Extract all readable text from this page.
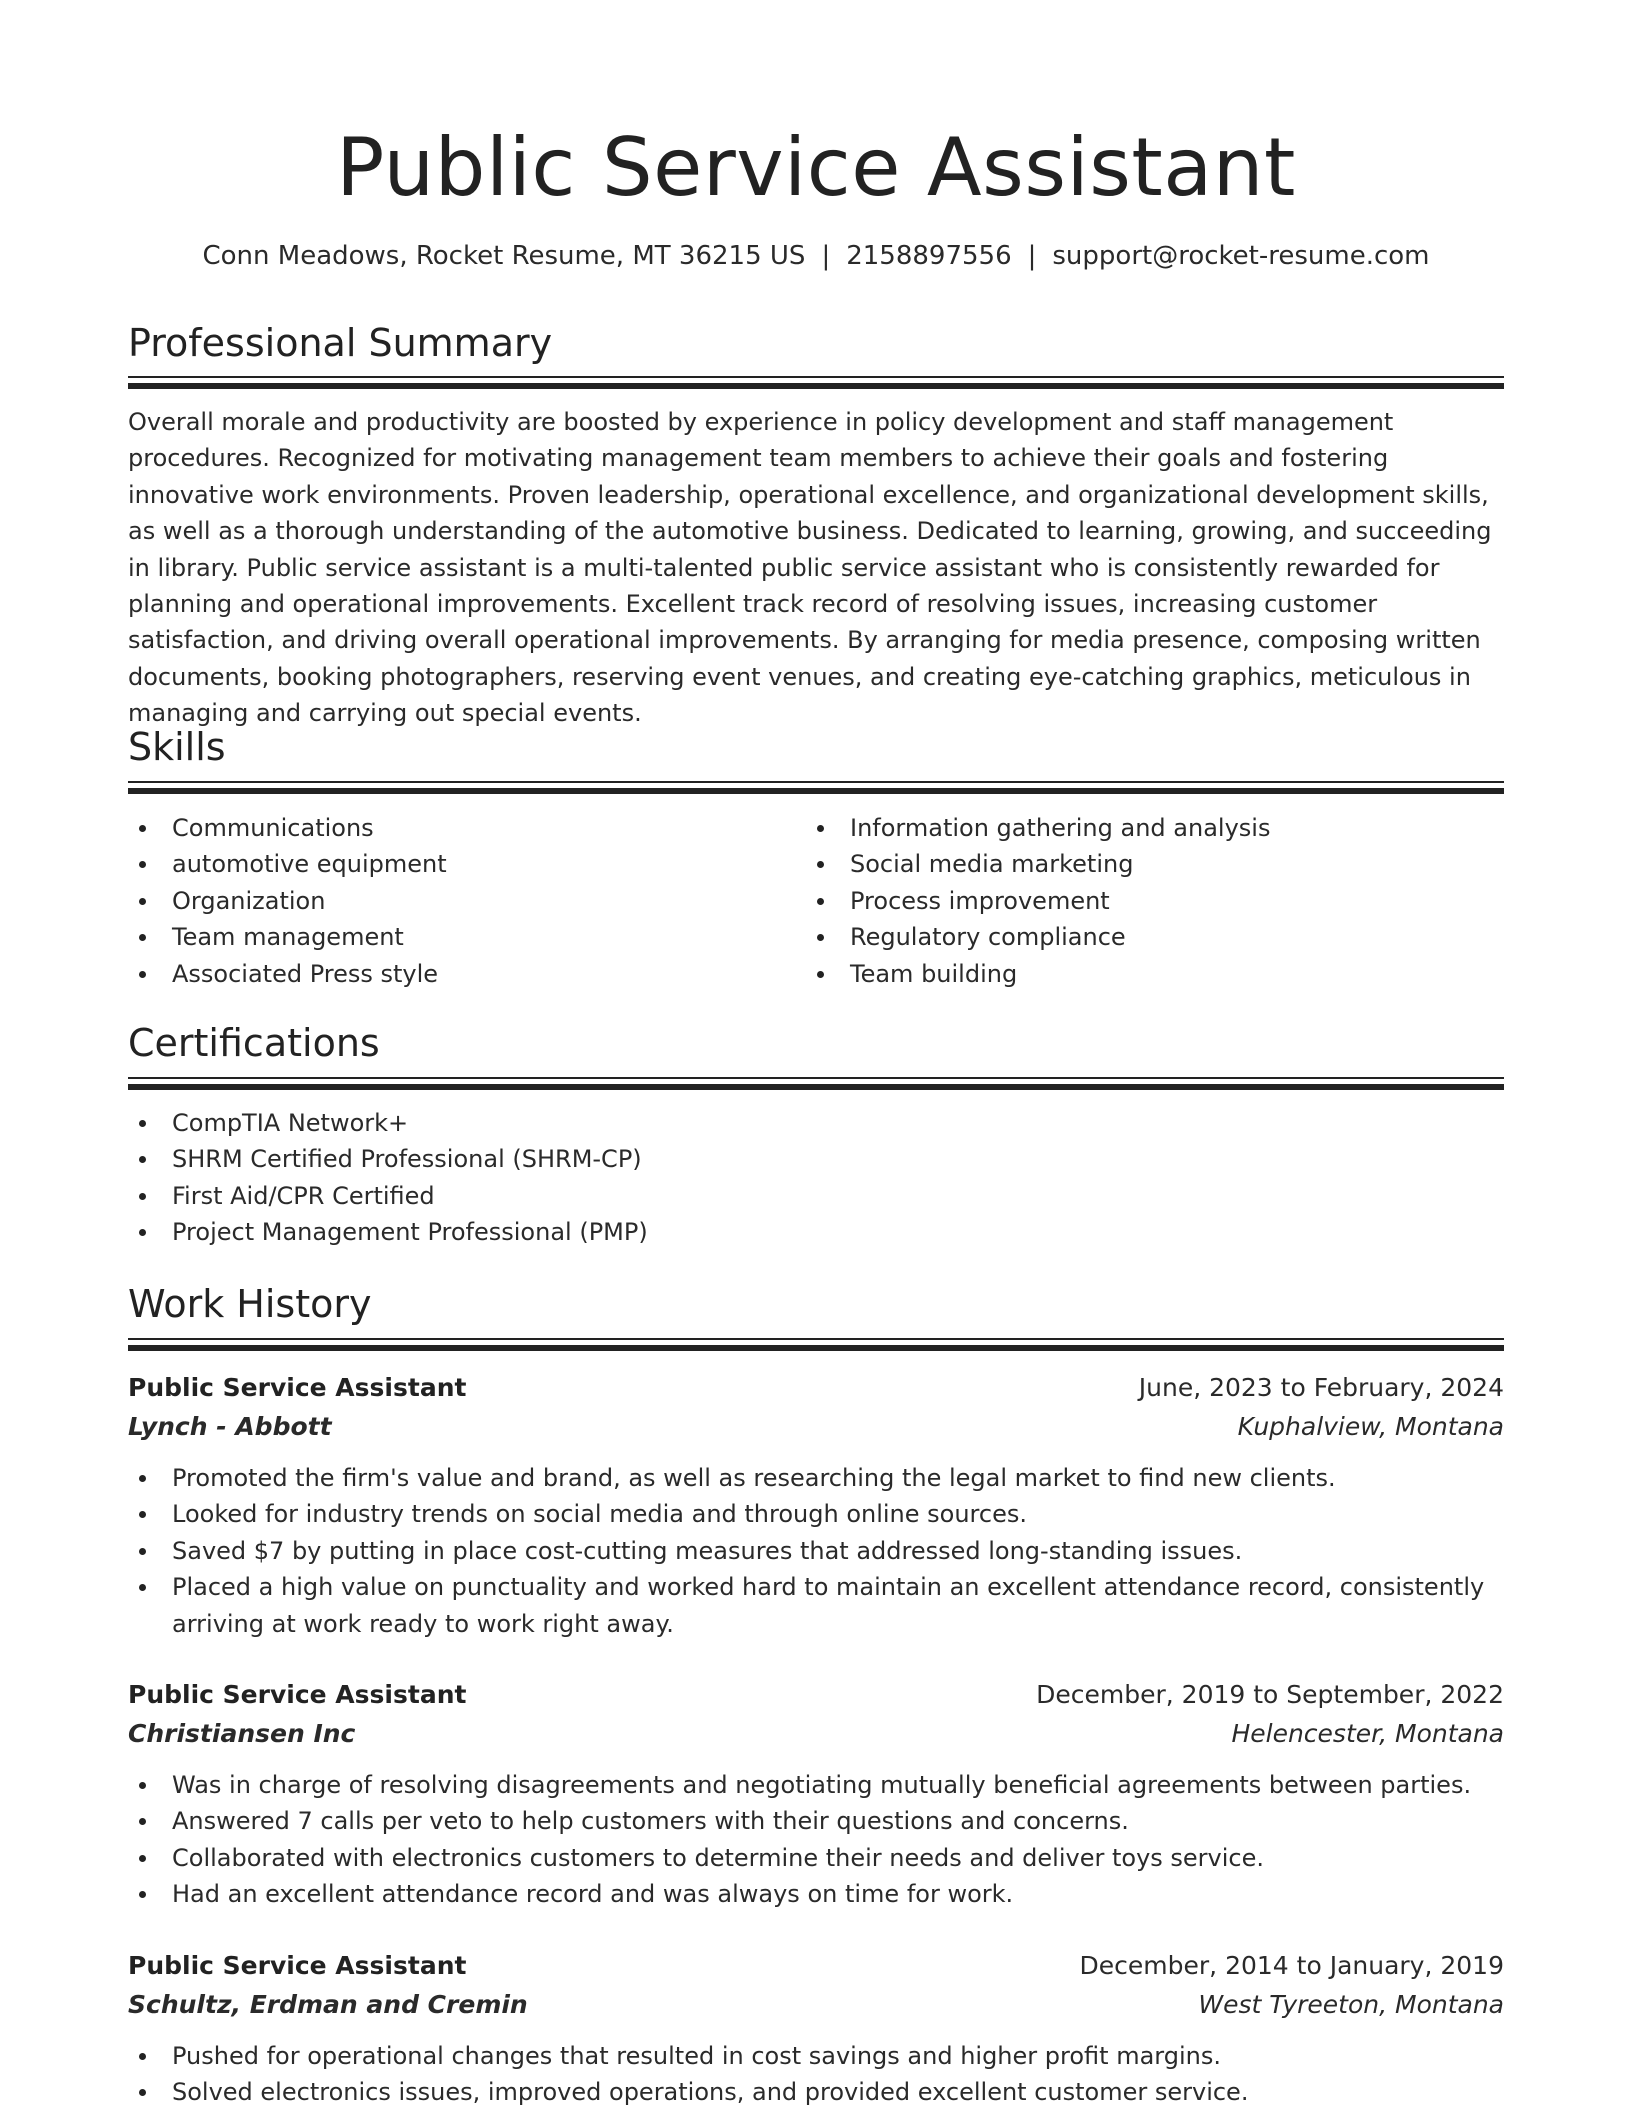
Public Service Assistant
Conn Meadows, Rocket Resume, MT 36215 US | 2158897556 | support@rocket-resume.com
Professional Summary

Overall morale and productivity are boosted by experience in policy development and staff management procedures. Recognized for motivating management team members to achieve their goals and fostering innovative work environments. Proven leadership, operational excellence, and organizational development skills, as well as a thorough understanding of the automotive business. Dedicated to learning, growing, and succeeding in library. Public service assistant is a multi-talented public service assistant who is consistently rewarded for planning and operational improvements. Excellent track record of resolving issues, increasing customer satisfaction, and driving overall operational improvements. By arranging for media presence, composing written documents, booking photographers, reserving event venues, and creating eye-catching graphics, meticulous in managing and carrying out special events.

Skills
Communications
automotive equipment
Organization
Team management
Associated Press style
Information gathering and analysis
Social media marketing
Process improvement
Regulatory compliance
Team building
Certifications
CompTIA Network+
SHRM Certified Professional (SHRM-CP)
First Aid/CPR Certified
Project Management Professional (PMP)
Work History
Public Service Assistant	June, 2023 to February, 2024
Lynch - Abbott	Kuphalview, Montana
Promoted the firm's value and brand, as well as researching the legal market to find new clients.
Looked for industry trends on social media and through online sources.
Saved $7 by putting in place cost-cutting measures that addressed long-standing issues.
Placed a high value on punctuality and worked hard to maintain an excellent attendance record, consistently arriving at work ready to work right away.
Public Service Assistant	December, 2019 to September, 2022
Christiansen Inc	Helencester, Montana
Was in charge of resolving disagreements and negotiating mutually beneficial agreements between parties.
Answered 7 calls per veto to help customers with their questions and concerns.
Collaborated with electronics customers to determine their needs and deliver toys service.
Had an excellent attendance record and was always on time for work.
Public Service Assistant	December, 2014 to January, 2019
Schultz, Erdman and Cremin	West Tyreeton, Montana
Pushed for operational changes that resulted in cost savings and higher profit margins.
Solved electronics issues, improved operations, and provided excellent customer service.
